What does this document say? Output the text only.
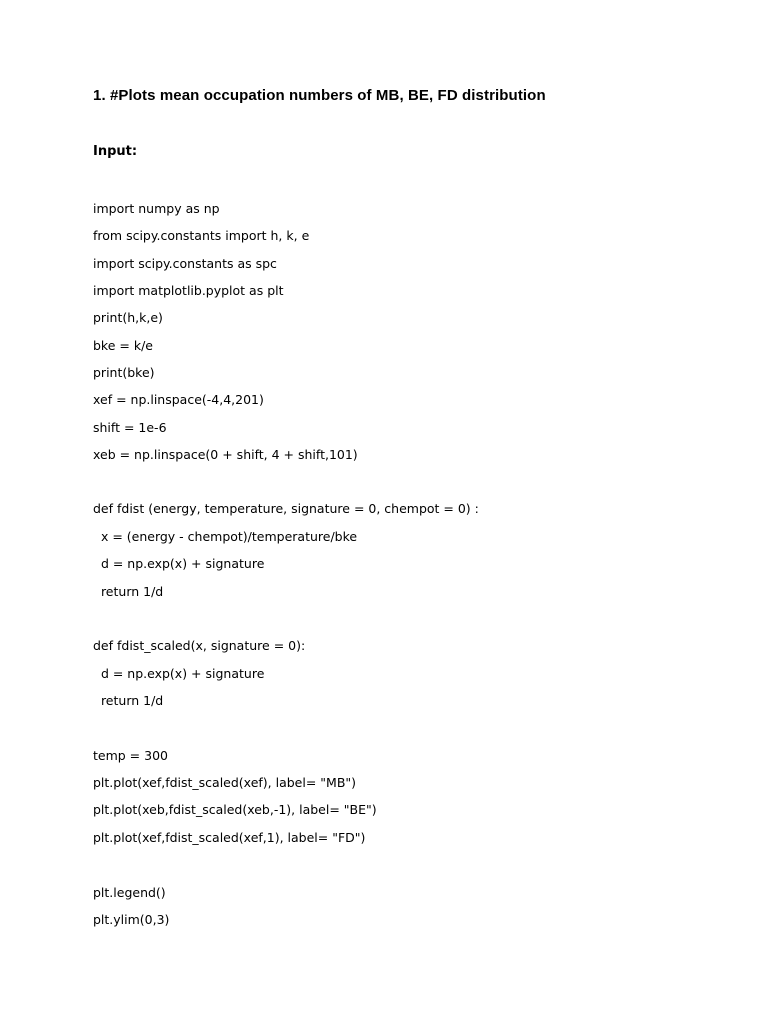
1. #Plots mean occupation numbers of MB, BE, FD distribution
Input:
import numpy as np
from scipy.constants import h, k, e
import scipy.constants as spc
import matplotlib.pyplot as plt
print(h,k,e)
bke = k/e
print(bke)
xef = np.linspace(-4,4,201)
shift = 1e-6
xeb = np.linspace(0 + shift, 4 + shift,101)
def fdist (energy, temperature, signature = 0, chempot = 0) :
x = (energy - chempot)/temperature/bke
d = np.exp(x) + signature
return 1/d
def fdist_scaled(x, signature = 0):
d = np.exp(x) + signature
return 1/d
temp = 300
plt.plot(xef,fdist_scaled(xef), label= "MB")
plt.plot(xeb,fdist_scaled(xeb,-1), label= "BE")
plt.plot(xef,fdist_scaled(xef,1), label= "FD")
plt.legend()
plt.ylim(0,3)
